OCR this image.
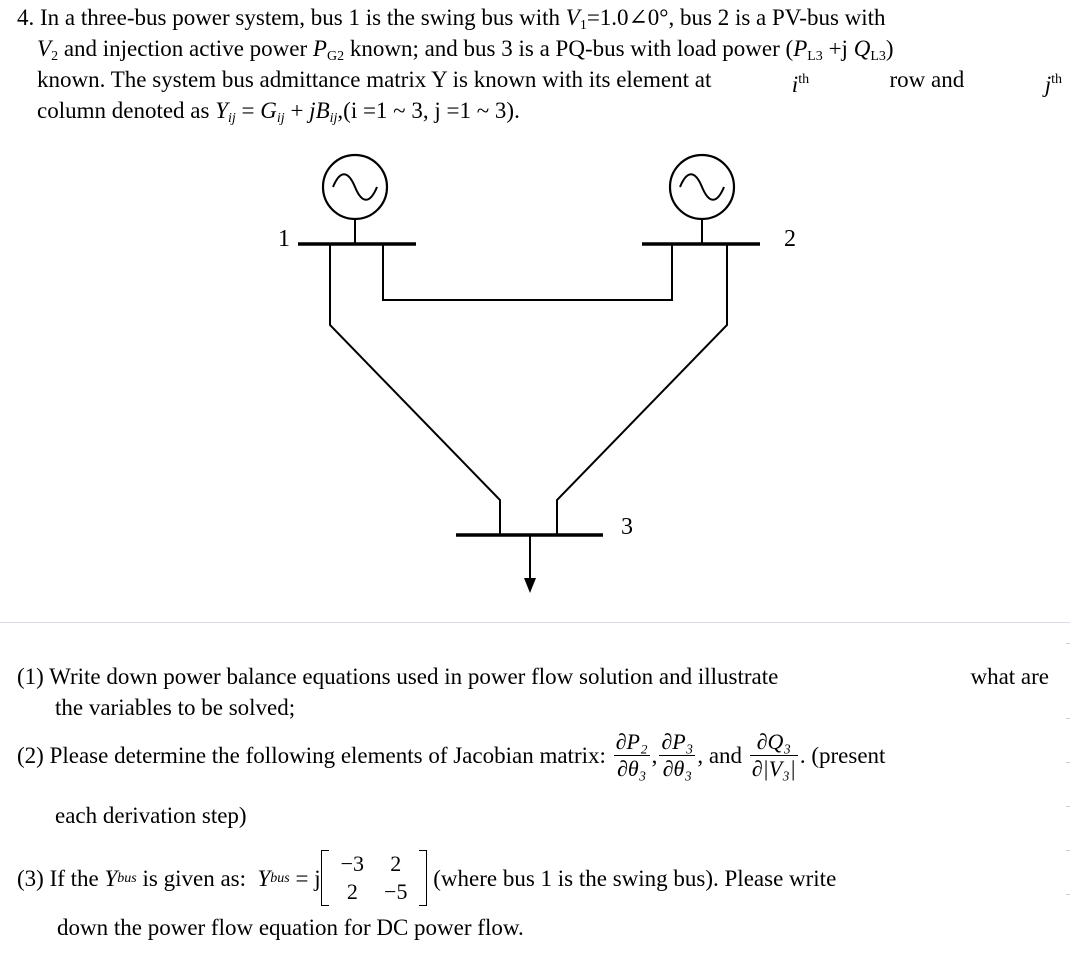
4. In a three-bus power system, bus 1 is the swing bus with $V_1=1.0\angle 0^\circ$, bus 2 is a PV-bus with
$V_2$ and injection active power $P_{G2}$ known; and bus 3 is a PQ-bus with load power ($P_{L3} +j$ $Q_{L3}$)
known. The system bus admittance matrix Y is known with its element at	$i^{th}$	row and	$j^{th}$
column denoted as $Y_{ij} = G_{ij} + jB_{ij},(i =1$ ~ 3, j =1 ~ 3).
1	2
3
(1) Write down power balance equations used in power flow solution and illustrate	what are
the variables to be solved;
(2)
Please determine the following elements of Jacobian matrix:
$\frac{\text{∂P₂}}{\text{∂θ₃}}$ , $\frac{\text{∂P₃}}{\text{∂θ₃}}$ , and
$\frac{\text{∂Q₃}}{\text{∂|V₃|}}$ . (present
each derivation step)
(3)
If the
Y bus
is given as:
Y bus
= j
−3	2
2	−5

(where bus 1 is the swing bus). Please write
down the power flow equation for DC power flow.
